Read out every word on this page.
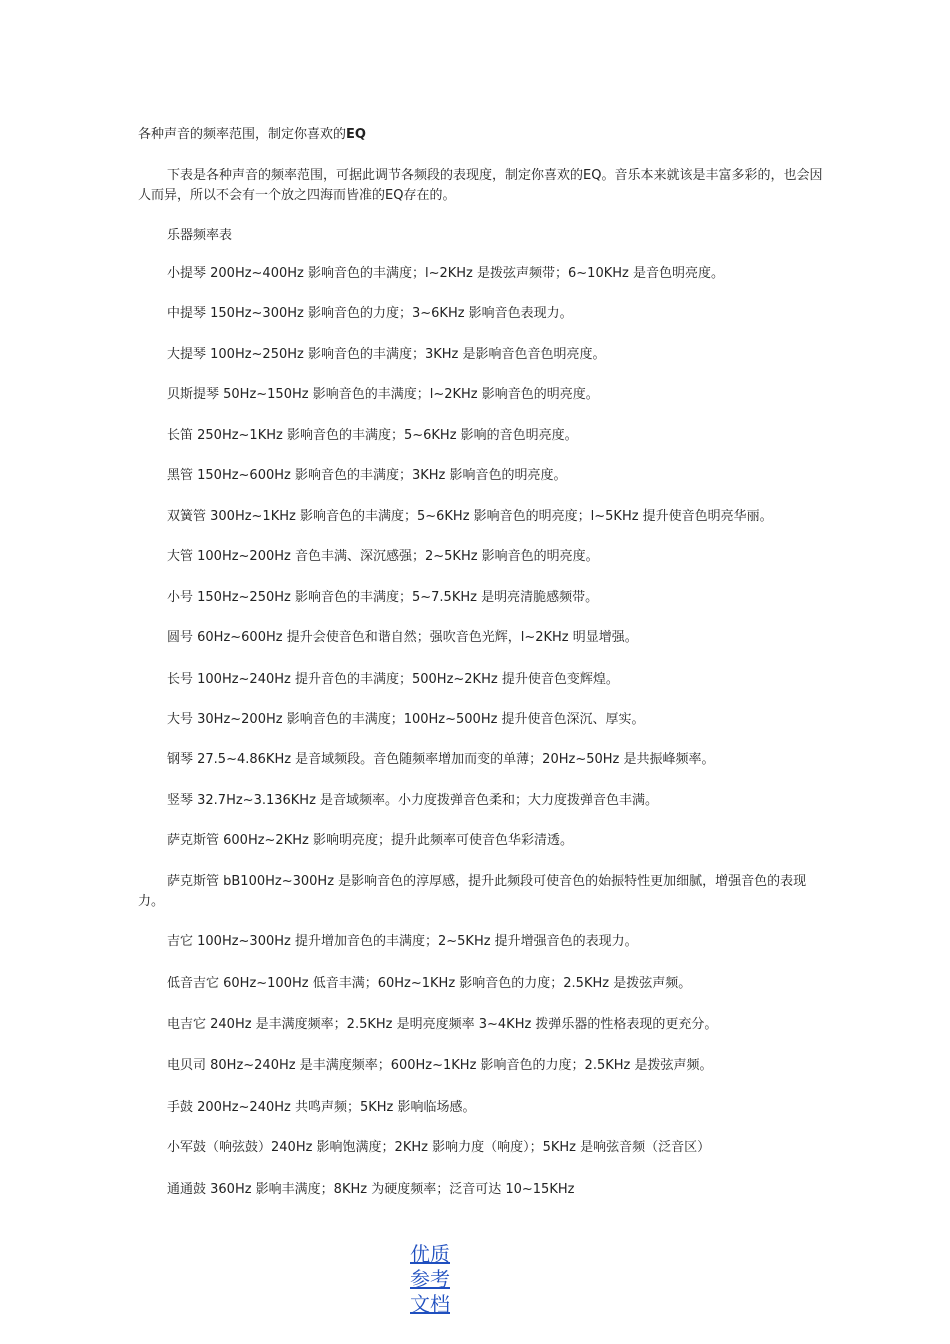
各种声音的频率范围，制定你喜欢的EQ
下表是各种声音的频率范围，可据此调节各频段的表现度，制定你喜欢的EQ。音乐本来就该是丰富多彩的，也会因人而异，所以不会有一个放之四海而皆准的EQ存在的。
乐器频率表
小提琴 200Hz~400Hz 影响音色的丰满度；l~2KHz 是拨弦声频带；6~10KHz 是音色明亮度。
中提琴 150Hz~300Hz 影响音色的力度；3~6KHz 影响音色表现力。
大提琴 100Hz~250Hz 影响音色的丰满度；3KHz 是影响音色音色明亮度。
贝斯提琴 50Hz~150Hz 影响音色的丰满度；l~2KHz 影响音色的明亮度。
长笛 250Hz~1KHz 影响音色的丰满度；5~6KHz 影响的音色明亮度。
黑管 150Hz~600Hz 影响音色的丰满度；3KHz 影响音色的明亮度。
双簧管 300Hz~1KHz 影响音色的丰满度；5~6KHz 影响音色的明亮度；l~5KHz 提升使音色明亮华丽。
大管 100Hz~200Hz 音色丰满、深沉感强；2~5KHz 影响音色的明亮度。
小号 150Hz~250Hz 影响音色的丰满度；5~7.5KHz 是明亮清脆感频带。
圆号 60Hz~600Hz 提升会使音色和谐自然；强吹音色光辉，l~2KHz 明显增强。
长号 100Hz~240Hz 提升音色的丰满度；500Hz~2KHz 提升使音色变辉煌。
大号 30Hz~200Hz 影响音色的丰满度；100Hz~500Hz 提升使音色深沉、厚实。
钢琴 27.5~4.86KHz 是音域频段。音色随频率增加而变的单薄；20Hz~50Hz 是共振峰频率。
竖琴 32.7Hz~3.136KHz 是音域频率。小力度拨弹音色柔和；大力度拨弹音色丰满。
萨克斯管 600Hz~2KHz 影响明亮度；提升此频率可使音色华彩清透。
萨克斯管 bB100Hz~300Hz 是影响音色的淳厚感，提升此频段可使音色的始振特性更加细腻，增强音色的表现力。
吉它 100Hz~300Hz 提升增加音色的丰满度；2~5KHz 提升增强音色的表现力。
低音吉它 60Hz~100Hz 低音丰满；60Hz~1KHz 影响音色的力度；2.5KHz 是拨弦声频。
电吉它 240Hz 是丰满度频率；2.5KHz 是明亮度频率 3~4KHz 拨弹乐器的性格表现的更充分。
电贝司 80Hz~240Hz 是丰满度频率；600Hz~1KHz 影响音色的力度；2.5KHz 是拨弦声频。
手鼓 200Hz~240Hz 共鸣声频；5KHz 影响临场感。
小军鼓（响弦鼓）240Hz 影响饱满度；2KHz 影响力度（响度）；5KHz 是响弦音频（泛音区）
通通鼓 360Hz 影响丰满度；8KHz 为硬度频率；泛音可达 10~15KHz
优质
参考
文档
